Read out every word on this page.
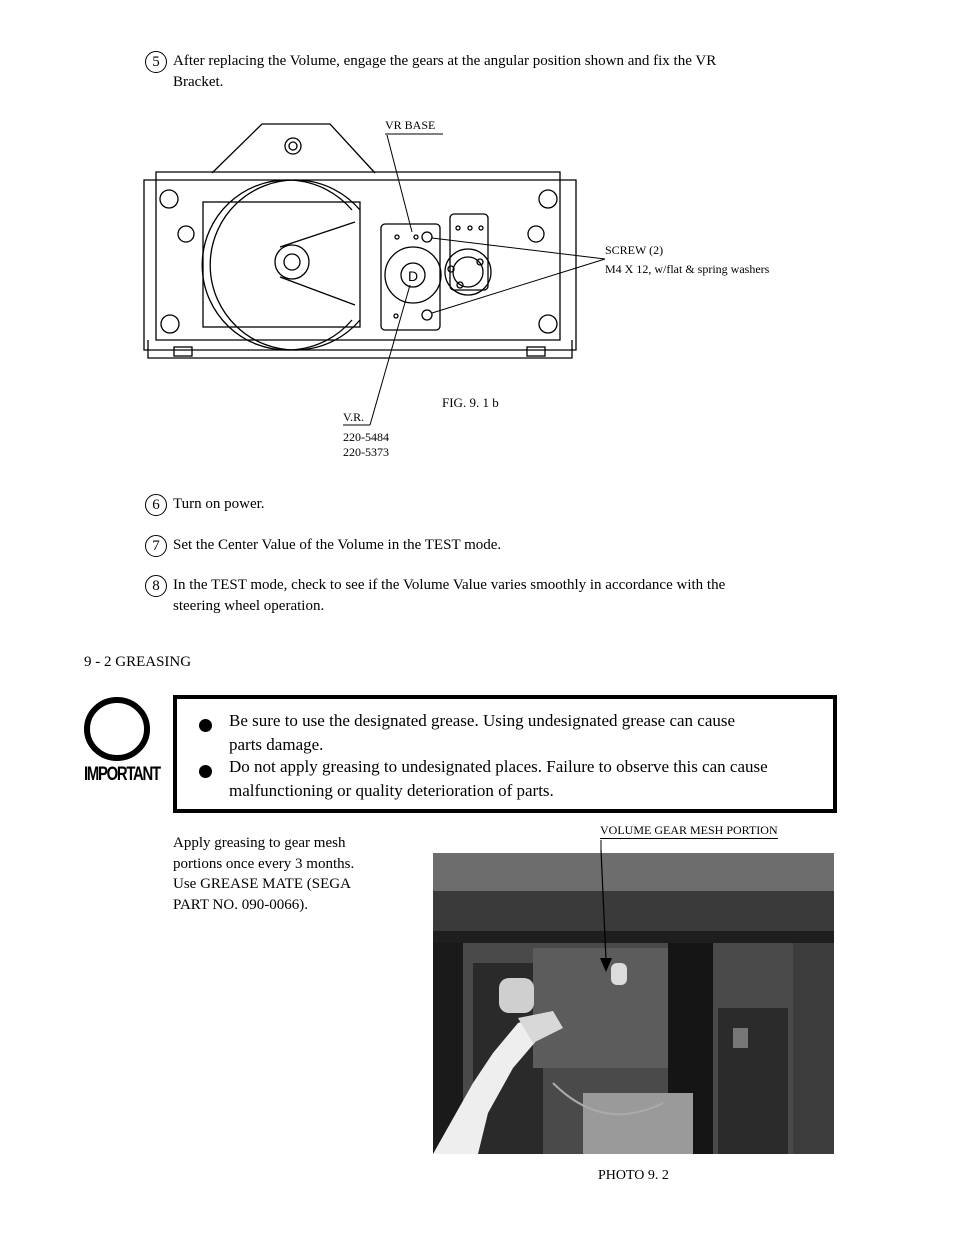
5 After replacing the Volume, engage the gears at the angular position shown and fix the VR
Bracket.
D
VR BASE
SCREW (2)
M4 X 12, w/flat & spring washers
V.R.
220-5484
220-5373
FIG. 9. 1 b
6 Turn on power.
7 Set the Center Value of the Volume in the TEST mode.
8 In the TEST mode, check to see if the Volume Value varies smoothly in accordance with the
steering wheel operation.
9 - 2 GREASING
IMPORTANT
Be sure to use the designated grease. Using undesignated grease can cause
parts damage.
Do not apply greasing to undesignated places. Failure to observe this can cause
malfunctioning or quality deterioration of parts.
Apply greasing to gear mesh
portions once every 3 months.
Use GREASE MATE (SEGA
PART NO. 090-0066).
VOLUME GEAR MESH PORTION
PHOTO 9. 2
